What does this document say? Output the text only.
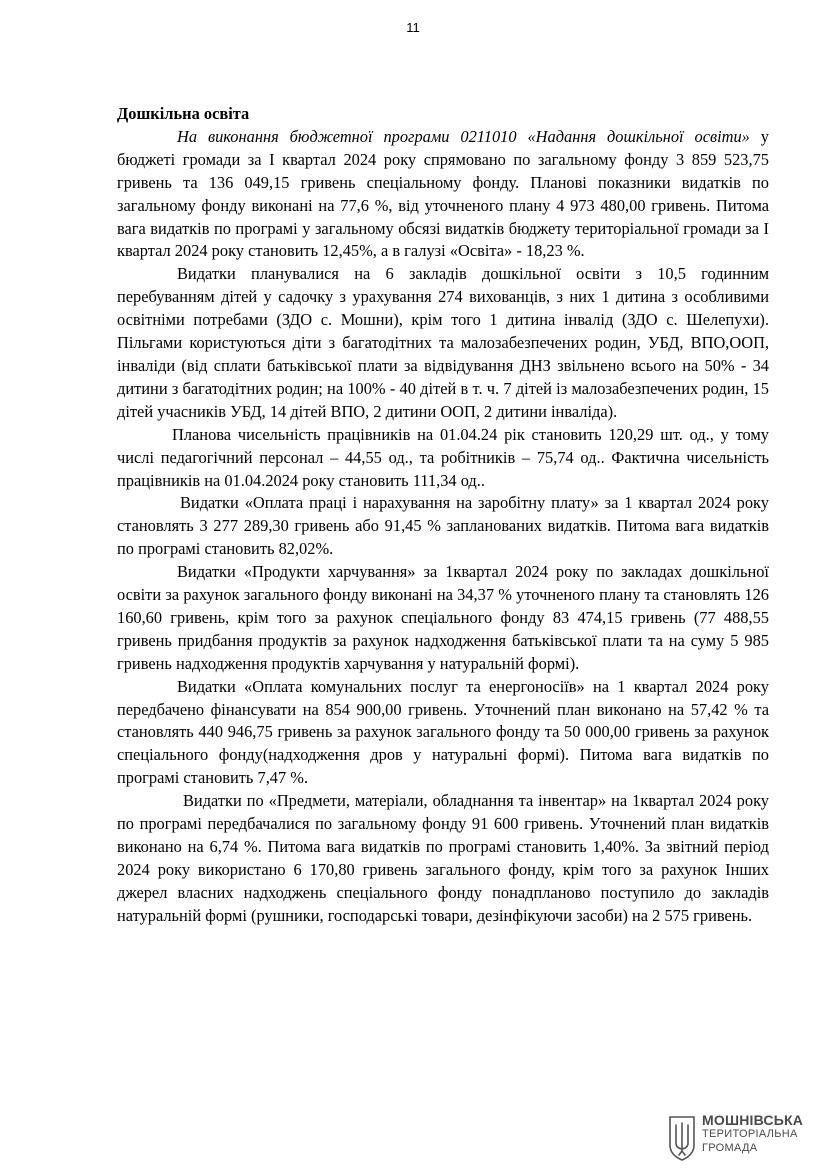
11

Дошкільна освіта

На виконання бюджетної програми 0211010 «Надання дошкільної освіти» у бюджеті громади за І квартал 2024 року спрямовано по загальному фонду 3 859 523,75 гривень та 136 049,15 гривень спеціальному фонду. Планові показники видатків по загальному фонду виконані на 77,6 %, від уточненого плану 4 973 480,00 гривень. Питома вага видатків по програмі у загальному обсязі видатків бюджету територіальної громади за І квартал 2024 року становить 12,45%, а в галузі «Освіта» - 18,23 %.

Видатки планувалися на 6 закладів дошкільної освіти з 10,5 годинним перебуванням дітей у садочку з урахування 274 вихованців, з них 1 дитина з особливими освітніми потребами (ЗДО с. Мошни), крім того 1 дитина інвалід (ЗДО с. Шелепухи). Пільгами користуються діти з багатодітних та малозабезпечених родин, УБД, ВПО,ООП, інваліди (від сплати батьківської плати за відвідування ДНЗ звільнено всього на 50% - 34 дитини з багатодітних родин; на 100% - 40 дітей в т. ч. 7 дітей із малозабезпечених родин, 15 дітей учасників УБД, 14 дітей ВПО, 2 дитини ООП, 2 дитини інваліда).

Планова чисельність працівників на 01.04.24 рік становить 120,29 шт. од., у тому числі педагогічний персонал – 44,55 од., та робітників – 75,74 од.. Фактична чисельність працівників на 01.04.2024 року становить 111,34 од..

Видатки «Оплата праці і нарахування на заробітну плату» за 1 квартал 2024 року становлять 3 277 289,30 гривень або 91,45 % запланованих видатків. Питома вага видатків по програмі становить 82,02%.

Видатки «Продукти харчування» за 1квартал 2024 року по закладах дошкільної освіти за рахунок загального фонду виконані на 34,37 % уточненого плану та становлять 126 160,60 гривень, крім того за рахунок спеціального фонду 83 474,15 гривень (77 488,55 гривень придбання продуктів за рахунок надходження батьківської плати та на суму 5 985 гривень надходження продуктів харчування у натуральній формі).

Видатки «Оплата комунальних послуг та енергоносіїв» на 1 квартал 2024 року передбачено фінансувати на 854 900,00 гривень. Уточнений план виконано на 57,42 % та становлять 440 946,75 гривень за рахунок загального фонду та 50 000,00 гривень за рахунок спеціального фонду(надходження дров у натуральні формі). Питома вага видатків по програмі становить 7,47 %.

Видатки по «Предмети, матеріали, обладнання та інвентар» на 1квартал 2024 року по програмі передбачалися по загальному фонду 91 600 гривень. Уточнений план видатків виконано на 6,74 %. Питома вага видатків по програмі становить 1,40%. За звітний період 2024 року використано 6 170,80 гривень загального фонду, крім того за рахунок Інших джерел власних надходжень спеціального фонду понадпланово поступило до закладів натуральній формі (рушники, господарські товари, дезінфікуючи засоби) на 2 575 гривень.

МОШНІВСЬКА
ТЕРИТОРІАЛЬНА
ГРОМАДА
